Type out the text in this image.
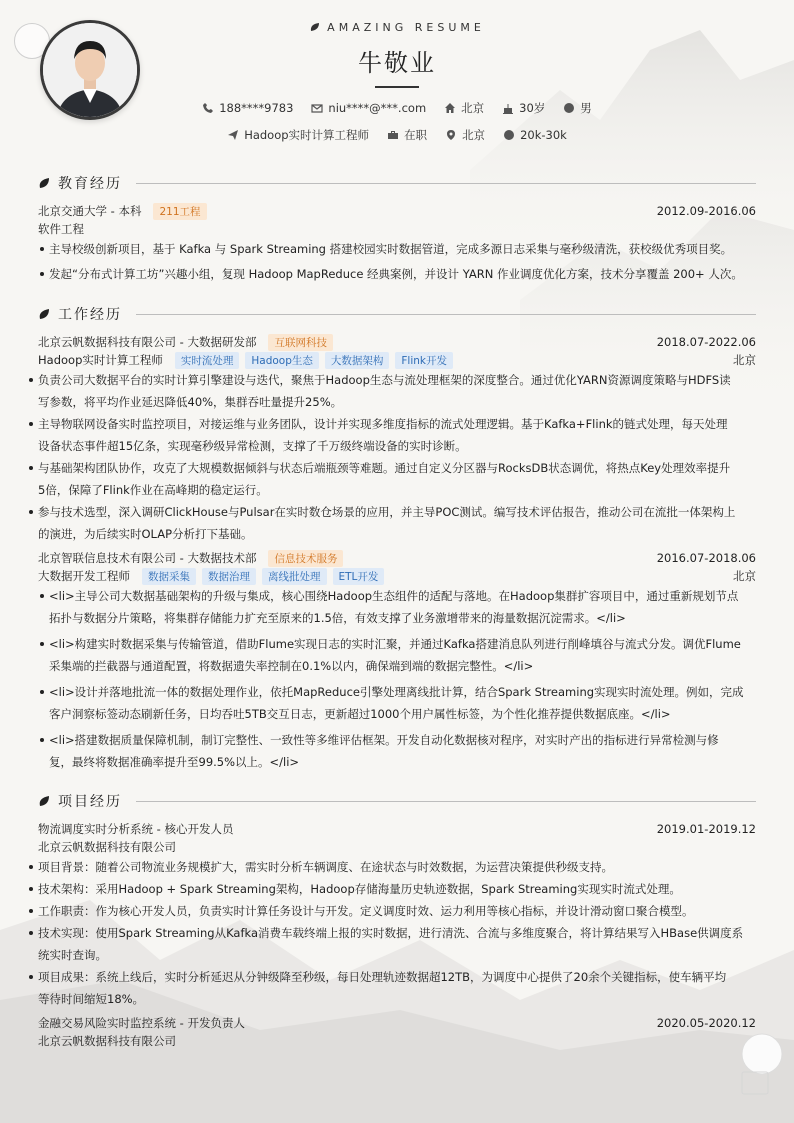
AMAZING RESUME
牛敬业
188****9783	niu****@***.com	北京	30岁	男
Hadoop实时计算工程师	在职	北京	20k-30k
教育经历
北京交通大学 - 本科	211工程	2012.09-2016.06
软件工程
主导校级创新项目，基于 Kafka 与 Spark Streaming 搭建校园实时数据管道，完成多源日志采集与毫秒级清洗，获校级优秀项目奖。
发起“分布式计算工坊”兴趣小组，复现 Hadoop MapReduce 经典案例，并设计 YARN 作业调度优化方案，技术分享覆盖 200+ 人次。
工作经历
北京云帆数据科技有限公司 - 大数据研发部	互联网科技	2018.07-2022.06
Hadoop实时计算工程师	实时流处理	Hadoop生态	大数据架构	Flink开发	北京
负责公司大数据平台的实时计算引擎建设与迭代，聚焦于Hadoop生态与流处理框架的深度整合。通过优化YARN资源调度策略与HDFS读
写参数，将平均作业延迟降低40%，集群吞吐量提升25%。
主导物联网设备实时监控项目，对接运维与业务团队，设计并实现多维度指标的流式处理逻辑。基于Kafka+Flink的链式处理，每天处理
设备状态事件超15亿条，实现毫秒级异常检测，支撑了千万级终端设备的实时诊断。
与基础架构团队协作，攻克了大规模数据倾斜与状态后端瓶颈等难题。通过自定义分区器与RocksDB状态调优，将热点Key处理效率提升
5倍，保障了Flink作业在高峰期的稳定运行。
参与技术选型，深入调研ClickHouse与Pulsar在实时数仓场景的应用，并主导POC测试。编写技术评估报告，推动公司在流批一体架构上
的演进，为后续实时OLAP分析打下基础。
北京智联信息技术有限公司 - 大数据技术部	信息技术服务	2016.07-2018.06
大数据开发工程师	数据采集	数据治理	离线批处理	ETL开发	北京
<li>主导公司大数据基础架构的升级与集成，核心围绕Hadoop生态组件的适配与落地。在Hadoop集群扩容项目中，通过重新规划节点
拓扑与数据分片策略，将集群存储能力扩充至原来的1.5倍，有效支撑了业务激增带来的海量数据沉淀需求。</li>
<li>构建实时数据采集与传输管道，借助Flume实现日志的实时汇聚，并通过Kafka搭建消息队列进行削峰填谷与流式分发。调优Flume
采集端的拦截器与通道配置，将数据遗失率控制在0.1%以内，确保端到端的数据完整性。</li>
<li>设计并落地批流一体的数据处理作业，依托MapReduce引擎处理离线批计算，结合Spark Streaming实现实时流处理。例如，完成
客户洞察标签动态刷新任务，日均吞吐5TB交互日志，更新超过1000个用户属性标签，为个性化推荐提供数据底座。</li>
<li>搭建数据质量保障机制，制订完整性、一致性等多维评估框架。开发自动化数据核对程序，对实时产出的指标进行异常检测与修
复，最终将数据准确率提升至99.5%以上。</li>
项目经历
物流调度实时分析系统 - 核心开发人员	2019.01-2019.12
北京云帆数据科技有限公司
项目背景：随着公司物流业务规模扩大，需实时分析车辆调度、在途状态与时效数据，为运营决策提供秒级支持。
技术架构：采用Hadoop + Spark Streaming架构，Hadoop存储海量历史轨迹数据，Spark Streaming实现实时流式处理。
工作职责：作为核心开发人员，负责实时计算任务设计与开发。定义调度时效、运力利用等核心指标，并设计滑动窗口聚合模型。
技术实现：使用Spark Streaming从Kafka消费车载终端上报的实时数据，进行清洗、合流与多维度聚合，将计算结果写入HBase供调度系
统实时查询。
项目成果：系统上线后，实时分析延迟从分钟级降至秒级，每日处理轨迹数据超12TB，为调度中心提供了20余个关键指标，使车辆平均
等待时间缩短18%。
金融交易风险实时监控系统 - 开发负责人	2020.05-2020.12
北京云帆数据科技有限公司
